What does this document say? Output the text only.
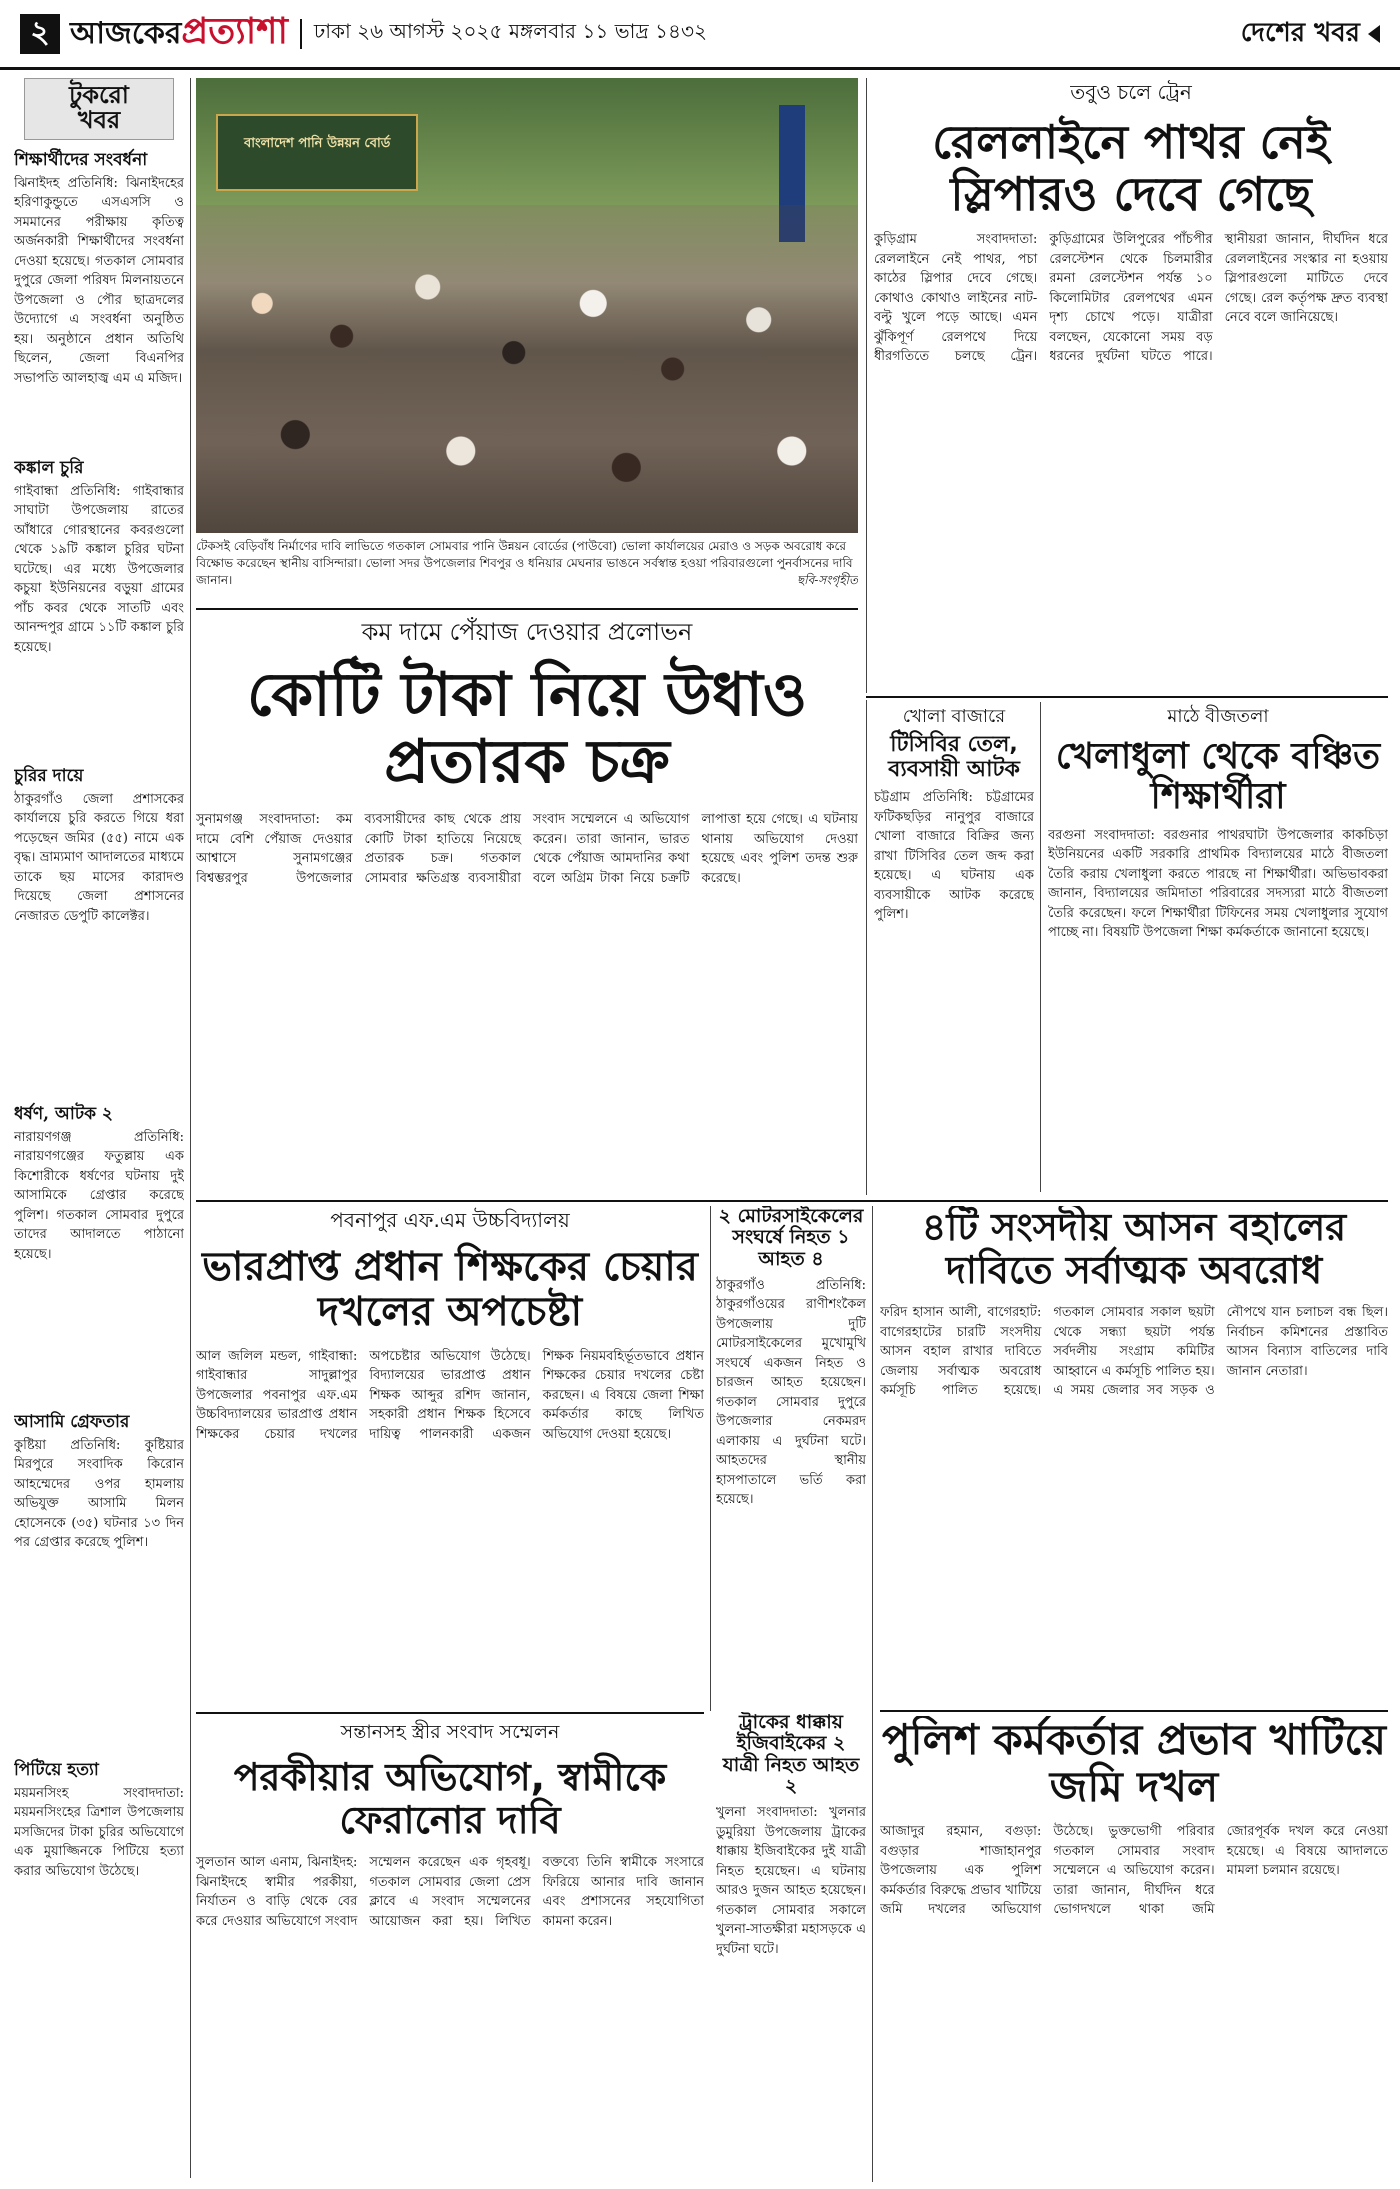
২ আজকেরপ্রত্যাশা ঢাকা ২৬ আগস্ট ২০২৫ মঙ্গলবার ১১ ভাদ্র ১৪৩২	দেশের খবর
টুকরো
খবর
শিক্ষার্থীদের সংবর্ধনা
ঝিনাইদহ প্রতিনিধি: ঝিনাইদহের হরিণাকুন্ডুতে এসএসসি ও সমমানের পরীক্ষায় কৃতিত্ব অর্জনকারী শিক্ষার্থীদের সংবর্ধনা দেওয়া হয়েছে। গতকাল সোমবার দুপুরে জেলা পরিষদ মিলনায়তনে উপজেলা ও পৌর ছাত্রদলের উদ্যোগে এ সংবর্ধনা অনুষ্ঠিত হয়। অনুষ্ঠানে প্রধান অতিথি ছিলেন, জেলা বিএনপির সভাপতি আলহাজ্ব এম এ মজিদ।
কঙ্কাল চুরি
গাইবান্ধা প্রতিনিধি: গাইবান্ধার সাঘাটা উপজেলায় রাতের আঁধারে গোরস্থানের কবরগুলো থেকে ১৯টি কঙ্কাল চুরির ঘটনা ঘটেছে। এর মধ্যে উপজেলার কচুয়া ইউনিয়নের বড়ুয়া গ্রামের পাঁচ কবর থেকে সাতটি এবং আনন্দপুর গ্রামে ১১টি কঙ্কাল চুরি হয়েছে।
চুরির দায়ে
ঠাকুরগাঁও জেলা প্রশাসকের কার্যালয়ে চুরি করতে গিয়ে ধরা পড়েছেন জমির (৫৫) নামে এক বৃদ্ধ। ভ্রাম্যমাণ আদালতের মাধ্যমে তাকে ছয় মাসের কারাদণ্ড দিয়েছে জেলা প্রশাসনের নেজারত ডেপুটি কালেক্টর।
ধর্ষণ, আটক ২
নারায়ণগঞ্জ প্রতিনিধি: নারায়ণগঞ্জের ফতুল্লায় এক কিশোরীকে ধর্ষণের ঘটনায় দুই আসামিকে গ্রেপ্তার করেছে পুলিশ। গতকাল সোমবার দুপুরে তাদের আদালতে পাঠানো হয়েছে।
আসামি গ্রেফতার
কুষ্টিয়া প্রতিনিধি: কুষ্টিয়ার মিরপুরে সংবাদিক কিরোন আহম্মেদের ওপর হামলায় অভিযুক্ত আসামি মিলন হোসেনকে (৩৫) ঘটনার ১৩ দিন পর গ্রেপ্তার করেছে পুলিশ।
পিটিয়ে হত্যা
ময়মনসিংহ সংবাদদাতা: ময়মনসিংহের ত্রিশাল উপজেলায় মসজিদের টাকা চুরির অভিযোগে এক মুয়াজ্জিনকে পিটিয়ে হত্যা করার অভিযোগ উঠেছে।
বাংলাদেশ পানি উন্নয়ন বোর্ড
টেকসই বেড়িবাঁধ নির্মাণের দাবি লাভিতে গতকাল সোমবার পানি উন্নয়ন বোর্ডের (পাউবো) ভোলা কার্যালয়ের মেরাও ও সড়ক অবরোধ করে বিক্ষোভ করেছেন স্থানীয় বাসিন্দারা। ভোলা সদর উপজেলার শিবপুর ও ধনিয়ার মেঘনার ভাঙনে সর্বস্বান্ত হওয়া পরিবারগুলো পুনর্বাসনের দাবি জানান।	ছবি-সংগৃহীত
তবুও চলে ট্রেন
রেললাইনে পাথর নেই স্লিপারও দেবে গেছে
কুড়িগ্রাম সংবাদদাতা: রেললাইনে নেই পাথর, পচা কাঠের স্লিপার দেবে গেছে। কোথাও কোথাও লাইনের নাট-বল্টু খুলে পড়ে আছে। এমন ঝুঁকিপূর্ণ রেলপথে দিয়ে ধীরগতিতে চলছে ট্রেন। কুড়িগ্রামের উলিপুরের পাঁচপীর রেলস্টেশন থেকে চিলমারীর রমনা রেলস্টেশন পর্যন্ত ১০ কিলোমিটার রেলপথের এমন দৃশ্য চোখে পড়ে। যাত্রীরা বলছেন, যেকোনো সময় বড় ধরনের দুর্ঘটনা ঘটতে পারে। স্থানীয়রা জানান, দীর্ঘদিন ধরে রেললাইনের সংস্কার না হওয়ায় স্লিপারগুলো মাটিতে দেবে গেছে। রেল কর্তৃপক্ষ দ্রুত ব্যবস্থা নেবে বলে জানিয়েছে।
কম দামে পেঁয়াজ দেওয়ার প্রলোভন
কোটি টাকা নিয়ে উধাও প্রতারক চক্র
সুনামগঞ্জ সংবাদদাতা: কম দামে বেশি পেঁয়াজ দেওয়ার আশ্বাসে সুনামগঞ্জের বিশ্বম্ভরপুর উপজেলার ব্যবসায়ীদের কাছ থেকে প্রায় কোটি টাকা হাতিয়ে নিয়েছে প্রতারক চক্র। গতকাল সোমবার ক্ষতিগ্রস্ত ব্যবসায়ীরা সংবাদ সম্মেলনে এ অভিযোগ করেন। তারা জানান, ভারত থেকে পেঁয়াজ আমদানির কথা বলে অগ্রিম টাকা নিয়ে চক্রটি লাপাত্তা হয়ে গেছে। এ ঘটনায় থানায় অভিযোগ দেওয়া হয়েছে এবং পুলিশ তদন্ত শুরু করেছে।
খোলা বাজারে
টিসিবির তেল, ব্যবসায়ী আটক
চট্টগ্রাম প্রতিনিধি: চট্টগ্রামের ফটিকছড়ির নানুপুর বাজারে খোলা বাজারে বিক্রির জন্য রাখা টিসিবির তেল জব্দ করা হয়েছে। এ ঘটনায় এক ব্যবসায়ীকে আটক করেছে পুলিশ।
মাঠে বীজতলা
খেলাধুলা থেকে বঞ্চিত শিক্ষার্থীরা
বরগুনা সংবাদদাতা: বরগুনার পাথরঘাটা উপজেলার কাকচিড়া ইউনিয়নের একটি সরকারি প্রাথমিক বিদ্যালয়ের মাঠে বীজতলা তৈরি করায় খেলাধুলা করতে পারছে না শিক্ষার্থীরা। অভিভাবকরা জানান, বিদ্যালয়ের জমিদাতা পরিবারের সদস্যরা মাঠে বীজতলা তৈরি করেছেন। ফলে শিক্ষার্থীরা টিফিনের সময় খেলাধুলার সুযোগ পাচ্ছে না। বিষয়টি উপজেলা শিক্ষা কর্মকর্তাকে জানানো হয়েছে।
পবনাপুর এফ.এম উচ্চবিদ্যালয়
ভারপ্রাপ্ত প্রধান শিক্ষকের চেয়ার দখলের অপচেষ্টা
আল জলিল মন্ডল, গাইবান্ধা: গাইবান্ধার সাদুল্লাপুর উপজেলার পবনাপুর এফ.এম উচ্চবিদ্যালয়ের ভারপ্রাপ্ত প্রধান শিক্ষকের চেয়ার দখলের অপচেষ্টার অভিযোগ উঠেছে। বিদ্যালয়ের ভারপ্রাপ্ত প্রধান শিক্ষক আব্দুর রশিদ জানান, সহকারী প্রধান শিক্ষক হিসেবে দায়িত্ব পালনকারী একজন শিক্ষক নিয়মবহির্ভূতভাবে প্রধান শিক্ষকের চেয়ার দখলের চেষ্টা করছেন। এ বিষয়ে জেলা শিক্ষা কর্মকর্তার কাছে লিখিত অভিযোগ দেওয়া হয়েছে।
২ মোটরসাইকেলের সংঘর্ষে নিহত ১ আহত ৪
ঠাকুরগাঁও প্রতিনিধি: ঠাকুরগাঁওয়ের রাণীশংকৈল উপজেলায় দুটি মোটরসাইকেলের মুখোমুখি সংঘর্ষে একজন নিহত ও চারজন আহত হয়েছেন। গতকাল সোমবার দুপুরে উপজেলার নেকমরদ এলাকায় এ দুর্ঘটনা ঘটে। আহতদের স্থানীয় হাসপাতালে ভর্তি করা হয়েছে।
ট্রাকের ধাক্কায় ইজিবাইকের ২ যাত্রী নিহত আহত ২
খুলনা সংবাদদাতা: খুলনার ডুমুরিয়া উপজেলায় ট্রাকের ধাক্কায় ইজিবাইকের দুই যাত্রী নিহত হয়েছেন। এ ঘটনায় আরও দুজন আহত হয়েছেন। গতকাল সোমবার সকালে খুলনা-সাতক্ষীরা মহাসড়কে এ দুর্ঘটনা ঘটে।
৪টি সংসদীয় আসন বহালের দাবিতে সর্বাত্মক অবরোধ
ফরিদ হাসান আলী, বাগেরহাট: বাগেরহাটের চারটি সংসদীয় আসন বহাল রাখার দাবিতে জেলায় সর্বাত্মক অবরোধ কর্মসূচি পালিত হয়েছে। গতকাল সোমবার সকাল ছয়টা থেকে সন্ধ্যা ছয়টা পর্যন্ত সর্বদলীয় সংগ্রাম কমিটির আহ্বানে এ কর্মসূচি পালিত হয়। এ সময় জেলার সব সড়ক ও নৌপথে যান চলাচল বন্ধ ছিল। নির্বাচন কমিশনের প্রস্তাবিত আসন বিন্যাস বাতিলের দাবি জানান নেতারা।
পুলিশ কর্মকর্তার প্রভাব খাটিয়ে জমি দখল
আজাদুর রহমান, বগুড়া: বগুড়ার শাজাহানপুর উপজেলায় এক পুলিশ কর্মকর্তার বিরুদ্ধে প্রভাব খাটিয়ে জমি দখলের অভিযোগ উঠেছে। ভুক্তভোগী পরিবার গতকাল সোমবার সংবাদ সম্মেলনে এ অভিযোগ করেন। তারা জানান, দীর্ঘদিন ধরে ভোগদখলে থাকা জমি জোরপূর্বক দখল করে নেওয়া হয়েছে। এ বিষয়ে আদালতে মামলা চলমান রয়েছে।
সন্তানসহ স্ত্রীর সংবাদ সম্মেলন
পরকীয়ার অভিযোগ, স্বামীকে ফেরানোর দাবি
সুলতান আল এনাম, ঝিনাইদহ: ঝিনাইদহে স্বামীর পরকীয়া, নির্যাতন ও বাড়ি থেকে বের করে দেওয়ার অভিযোগে সংবাদ সম্মেলন করেছেন এক গৃহবধূ। গতকাল সোমবার জেলা প্রেস ক্লাবে এ সংবাদ সম্মেলনের আয়োজন করা হয়। লিখিত বক্তব্যে তিনি স্বামীকে সংসারে ফিরিয়ে আনার দাবি জানান এবং প্রশাসনের সহযোগিতা কামনা করেন।
